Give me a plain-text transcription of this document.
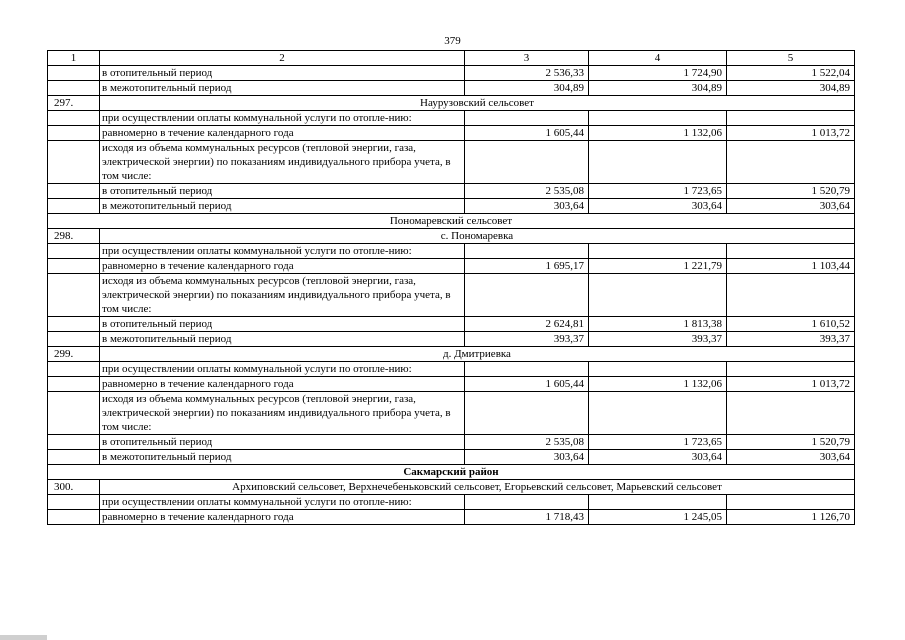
379
1	2	3	4	5
	в отопительный период	2 536,33	1 724,90	1 522,04
	в межотопительный период	304,89	304,89	304,89
297.	Наурузовский сельсовет			
	при осуществлении оплаты коммунальной услуги по отопле-нию:			
	равномерно в течение календарного года	1 605,44	1 132,06	1 013,72
	исходя из объема коммунальных ресурсов (тепловой энергии, газа, электрической энергии) по показаниям индивидуального прибора учета, в том числе:			
	в отопительный период	2 535,08	1 723,65	1 520,79
	в межотопительный период	303,64	303,64	303,64
Пономаревский сельсовет				
298.	с. Пономаревка			
	при осуществлении оплаты коммунальной услуги по отопле-нию:			
	равномерно в течение календарного года	1 695,17	1 221,79	1 103,44
	исходя из объема коммунальных ресурсов (тепловой энергии, газа, электрической энергии) по показаниям индивидуального прибора учета, в том числе:			
	в отопительный период	2 624,81	1 813,38	1 610,52
	в межотопительный период	393,37	393,37	393,37
299.	д. Дмитриевка			
	при осуществлении оплаты коммунальной услуги по отопле-нию:			
	равномерно в течение календарного года	1 605,44	1 132,06	1 013,72
	исходя из объема коммунальных ресурсов (тепловой энергии, газа, электрической энергии) по показаниям индивидуального прибора учета, в том числе:			
	в отопительный период	2 535,08	1 723,65	1 520,79
	в межотопительный период	303,64	303,64	303,64
Сакмарский район				
300.	Архиповский сельсовет, Верхнечебеньковский сельсовет, Егорьевский сельсовет, Марьевский сельсовет			
	при осуществлении оплаты коммунальной услуги по отопле-нию:			
	равномерно в течение календарного года	1 718,43	1 245,05	1 126,70
